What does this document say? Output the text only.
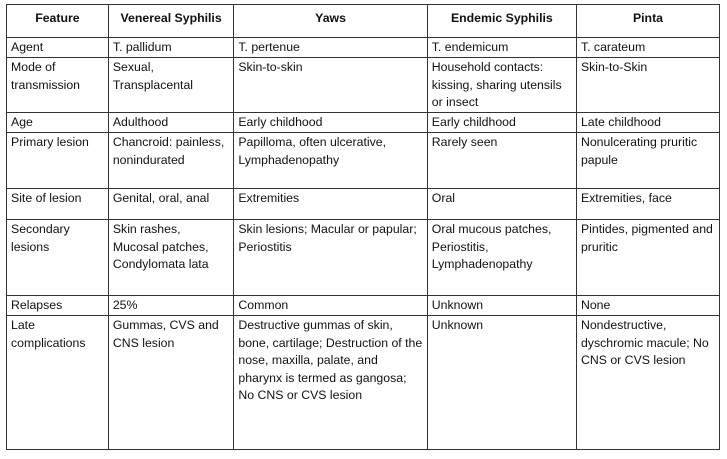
Feature	Venereal Syphilis	Yaws	Endemic Syphilis	Pinta
Agent	T. pallidum	T. pertenue	T. endemicum	T. carateum
Mode of transmission	Sexual, Transplacental	Skin-to-skin	Household contacts: kissing, sharing utensils or insect	Skin-to-Skin
Age	Adulthood	Early childhood	Early childhood	Late childhood
Primary lesion	Chancroid: painless, nonindurated	Papilloma, often ulcerative, Lymphadenopathy	Rarely seen	Nonulcerating pruritic papule
Site of lesion	Genital, oral, anal	Extremities	Oral	Extremities, face
Secondary lesions	Skin rashes, Mucosal patches, Condylomata lata	Skin lesions; Macular or papular; Periostitis	Oral mucous patches, Periostitis, Lymphadenopathy	Pintides, pigmented and pruritic
Relapses	25%	Common	Unknown	None
Late complications	Gummas, CVS and CNS lesion	Destructive gummas of skin, bone, cartilage; Destruction of the nose, maxilla, palate, and pharynx is termed as gangosa; No CNS or CVS lesion	Unknown	Nondestructive, dyschromic macule; No CNS or CVS lesion
